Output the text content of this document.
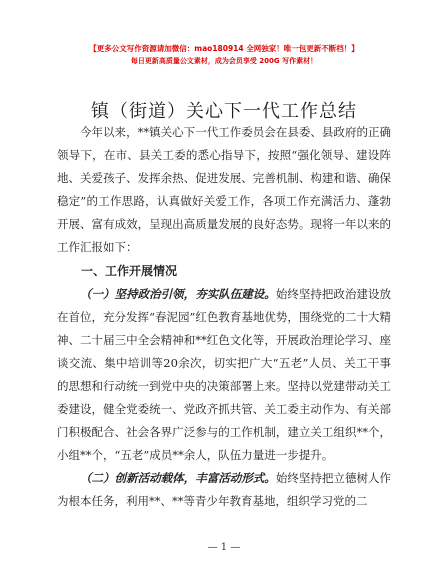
【更多公文写作资源请加微信：mao180914 全网独家！唯一包更新不断档！】
每日更新高质量公文素材，成为会员享受 200G 写作素材！
镇（街道）关心下一代工作总结

今年以来，**镇关心下一代工作委员会在县委、县政府的正确领导下，在市、县关工委的悉心指导下，按照“强化领导、建设阵地、关爱孩子、发挥余热、促进发展、完善机制、构建和谐、确保稳定”的工作思路，认真做好关爱工作，各项工作充满活力、蓬勃开展、富有成效，呈现出高质量发展的良好态势。现将一年以来的工作汇报如下：

一、工作开展情况

（一）坚持政治引领，夯实队伍建设。始终坚持把政治建设放在首位，充分发挥“春泥园”红色教育基地优势，围绕党的二十大精神、二十届三中全会精神和**红色文化等，开展政治理论学习、座谈交流、集中培训等20余次，切实把广大“五老”人员、关工干事的思想和行动统一到党中央的决策部署上来。坚持以党建带动关工委建设，健全党委统一、党政齐抓共管、关工委主动作为、有关部门积极配合、社会各界广泛参与的工作机制，建立关工组织**个，小组**个，“五老”成员**余人，队伍力量进一步提升。

（二）创新活动载体，丰富活动形式。始终坚持把立德树人作为根本任务，利用**、**等青少年教育基地，组织学习党的二

— 1 —
